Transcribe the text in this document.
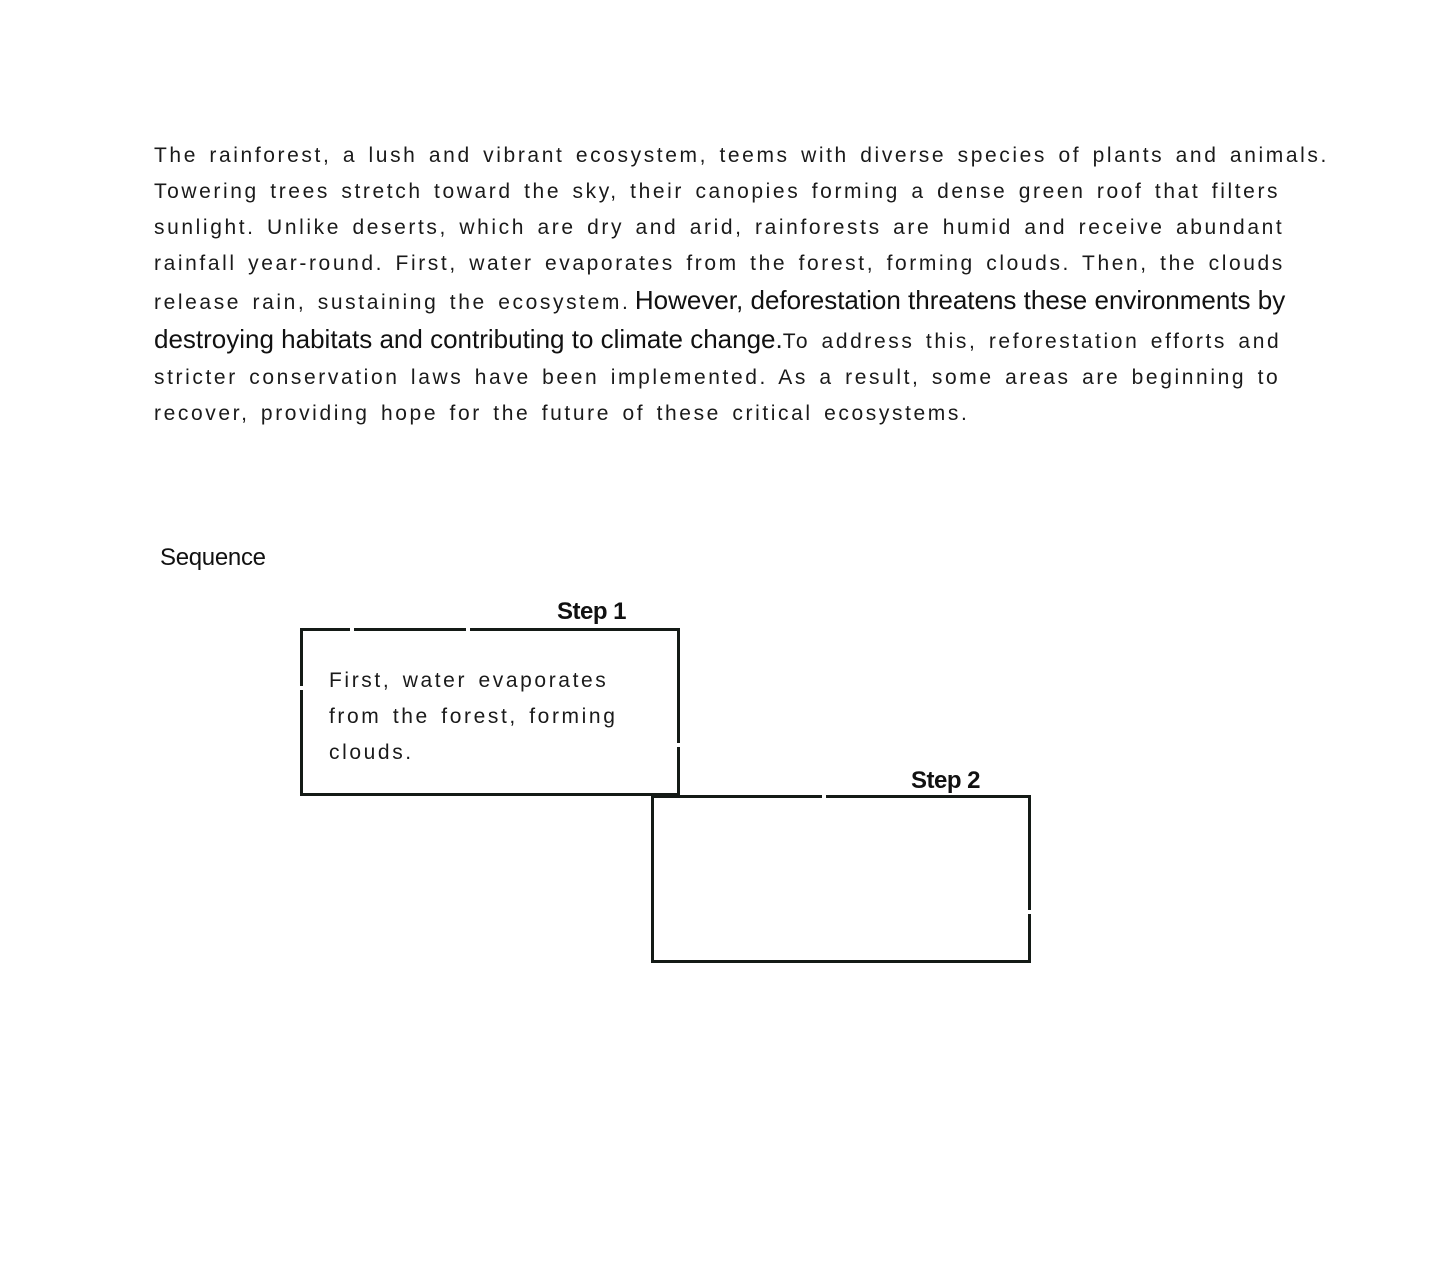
The rainforest, a lush and vibrant ecosystem, teems with diverse species of plants and animals. Towering trees stretch toward the sky, their canopies forming a dense green roof that filters sunlight. Unlike deserts, which are dry and arid, rainforests are humid and receive abundant rainfall year-round. First, water evaporates from the forest, forming clouds. Then, the clouds release rain, sustaining the ecosystem. However, deforestation threatens these environments by destroying habitats and contributing to climate change.To address this, reforestation efforts and stricter conservation laws have been implemented. As a result, some areas are beginning to recover, providing hope for the future of these critical ecosystems.

Sequence
Step 1
First, water evaporates from the forest, forming clouds.
Step 2
